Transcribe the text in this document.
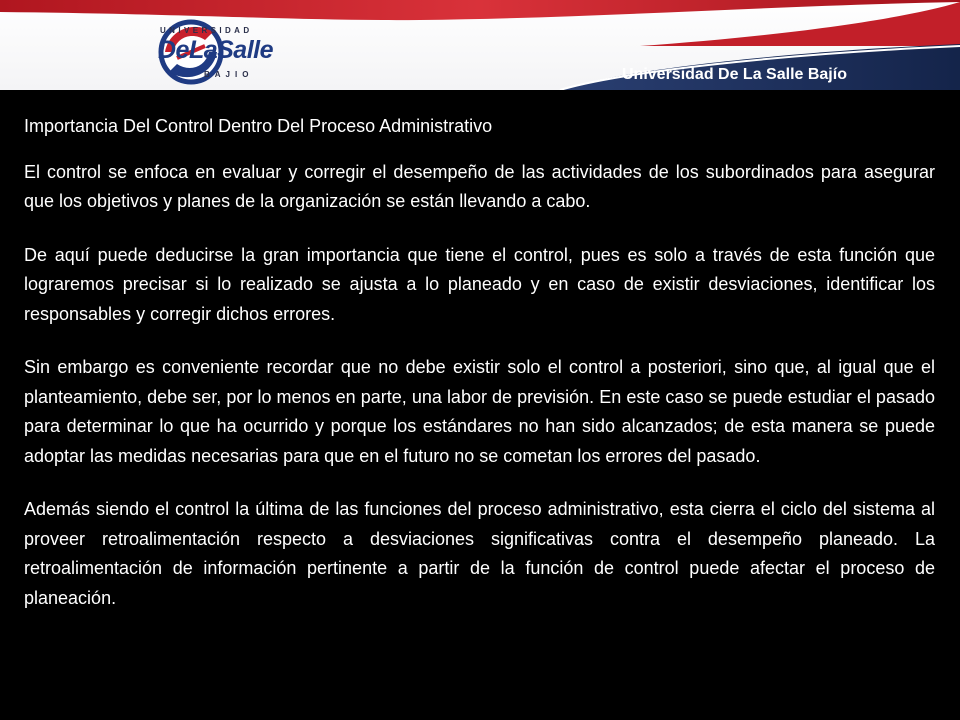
UNIVERSIDAD
DeLaSalle
BAJIO	Universidad De La Salle Bajío
Importancia Del Control Dentro Del Proceso Administrativo

El control se enfoca en evaluar y corregir el desempeño de las actividades de los subordinados para asegurar que los objetivos y planes de la organización se están llevando a cabo.

De aquí puede deducirse la gran importancia que tiene el control, pues es solo a través de esta función que lograremos precisar si lo realizado se ajusta a lo planeado y en caso de existir desviaciones, identificar los responsables y corregir dichos errores.

Sin embargo es conveniente recordar que no debe existir solo el control a posteriori, sino que, al igual que el planteamiento, debe ser, por lo menos en parte, una labor de previsión. En este caso se puede estudiar el pasado para determinar lo que ha ocurrido y porque los estándares no han sido alcanzados; de esta manera se puede adoptar las medidas necesarias para que en el futuro no se cometan los errores del pasado.

Además siendo el control la última de las funciones del proceso administrativo, esta cierra el ciclo del sistema al proveer retroalimentación respecto a desviaciones significativas contra el desempeño planeado. La retroalimentación de información pertinente a partir de la función de control puede afectar el proceso de planeación.
